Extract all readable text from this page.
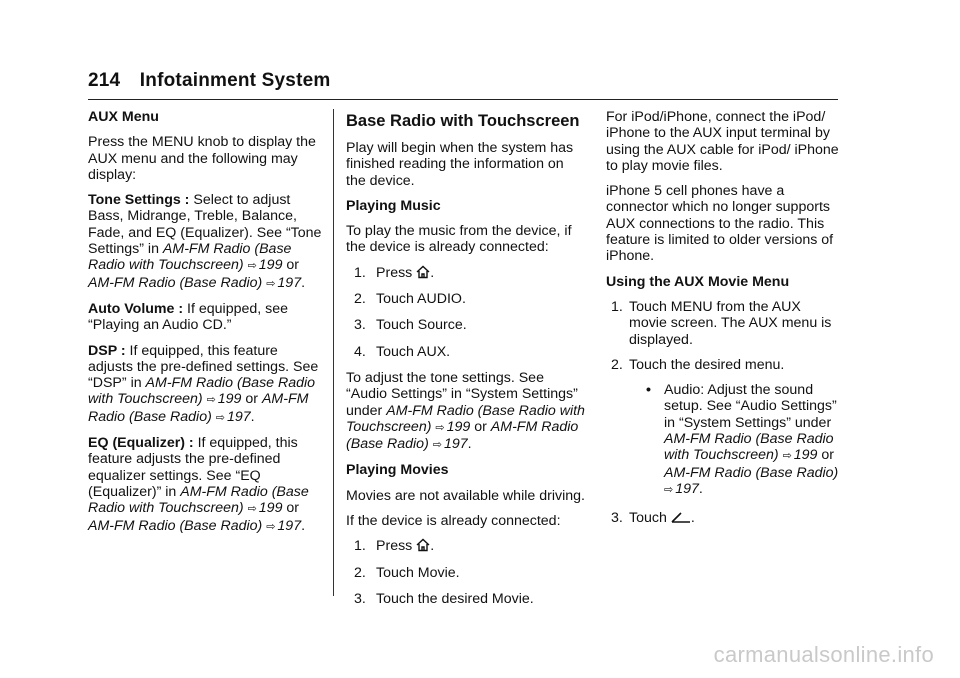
214 Infotainment System

AUX Menu

Press the MENU knob to display the AUX menu and the following may display:

Tone Settings : Select to adjust Bass, Midrange, Treble, Balance, Fade, and EQ (Equalizer). See “Tone Settings” in AM-FM Radio (Base Radio with Touchscreen) ⇨ 199 or AM-FM Radio (Base Radio) ⇨ 197.

Auto Volume : If equipped, see “Playing an Audio CD.”

DSP : If equipped, this feature adjusts the pre-defined settings. See “DSP” in AM-FM Radio (Base Radio with Touchscreen) ⇨ 199 or AM-FM Radio (Base Radio) ⇨ 197.

EQ (Equalizer) : If equipped, this feature adjusts the pre-defined equalizer settings. See “EQ (Equalizer)” in AM-FM Radio (Base Radio with Touchscreen) ⇨ 199 or AM-FM Radio (Base Radio) ⇨ 197.

Base Radio with Touchscreen

Play will begin when the system has finished reading the information on the device.

Playing Music

To play the music from the device, if the device is already connected:

1. Press .
2. Touch AUDIO.
3. Touch Source.
4. Touch AUX.

To adjust the tone settings. See “Audio Settings” in “System Settings” under AM-FM Radio (Base Radio with Touchscreen) ⇨ 199 or AM-FM Radio (Base Radio) ⇨ 197.

Playing Movies

Movies are not available while driving.

If the device is already connected:

1. Press .
2. Touch Movie.
3. Touch the desired Movie.

For iPod/iPhone, connect the iPod/ iPhone to the AUX input terminal by using the AUX cable for iPod/ iPhone to play movie files.

iPhone 5 cell phones have a connector which no longer supports AUX connections to the radio. This feature is limited to older versions of iPhone.

Using the AUX Movie Menu

1. Touch MENU from the AUX movie screen. The AUX menu is displayed.
2. Touch the desired menu.
• Audio: Adjust the sound setup. See “Audio Settings” in “System Settings” under AM-FM Radio (Base Radio with Touchscreen) ⇨ 199 or AM-FM Radio (Base Radio) ⇨ 197.
3. Touch .
carmanualsonline.info
